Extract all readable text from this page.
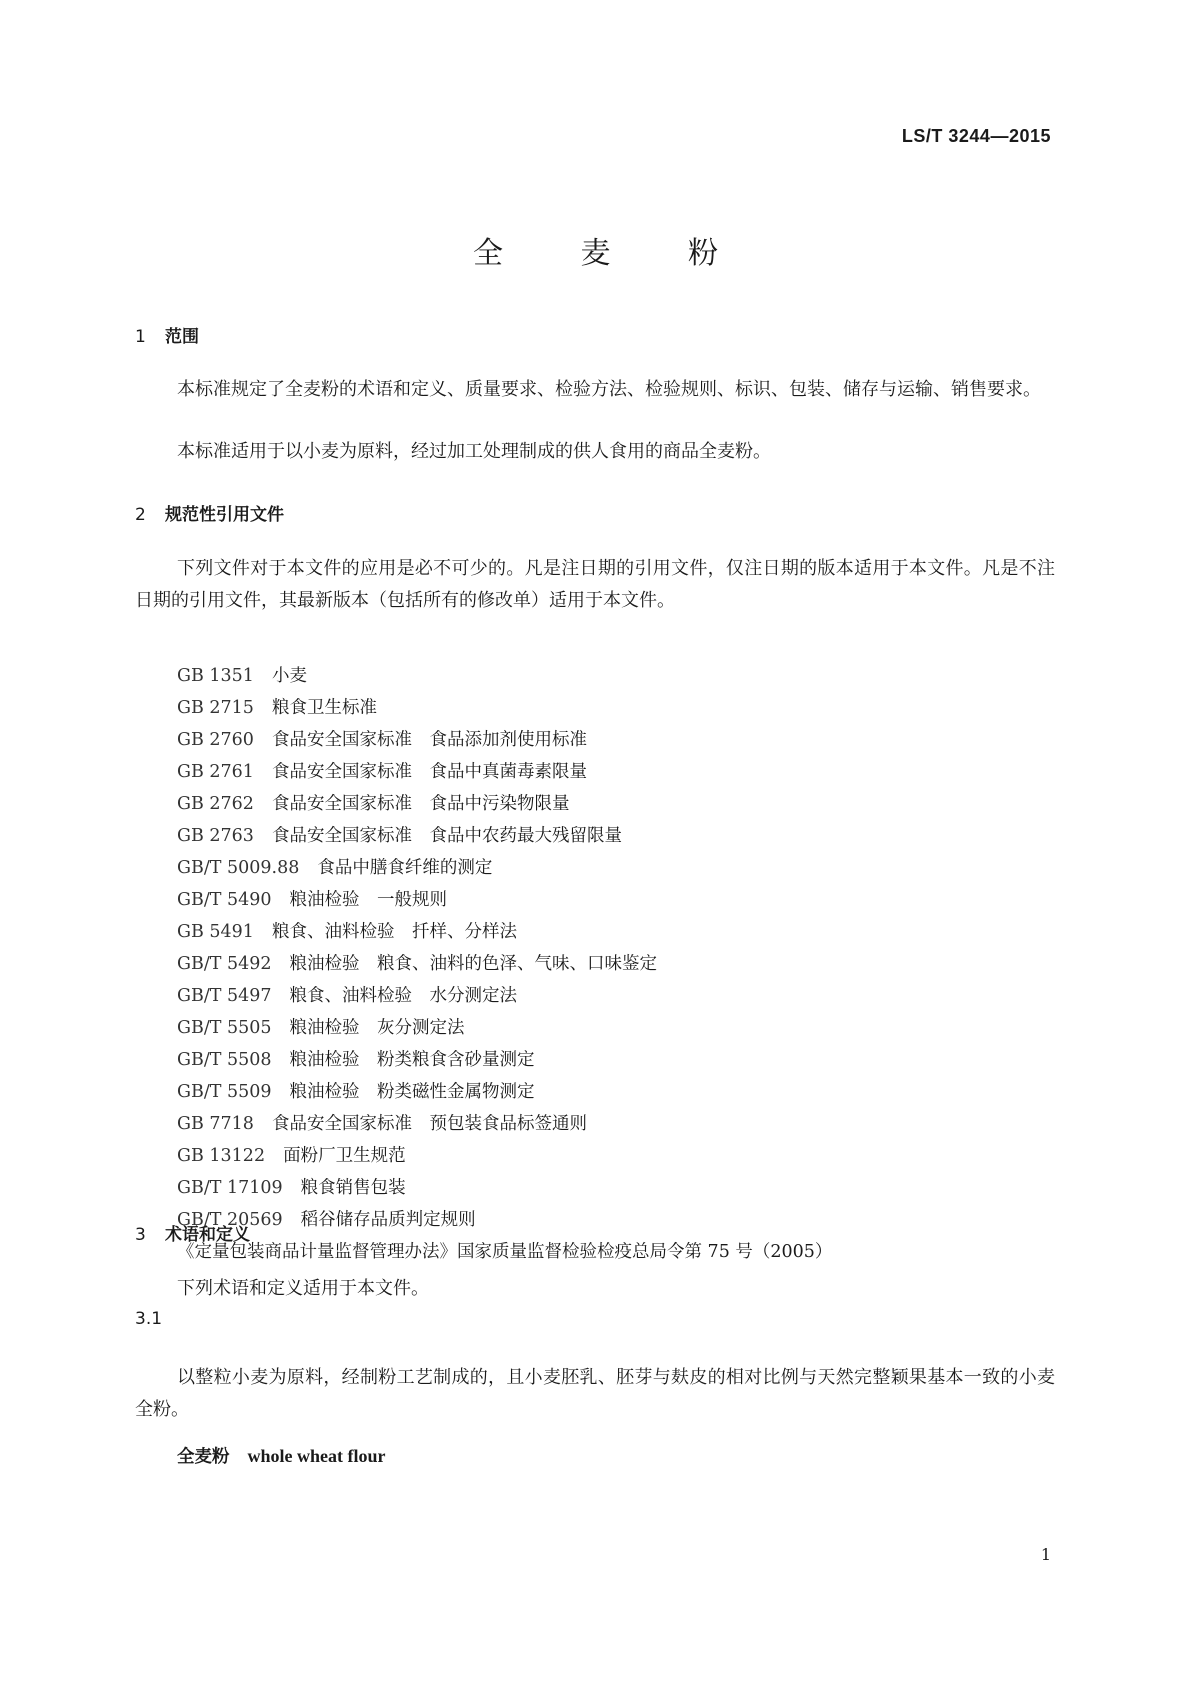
LS/T 3244—2015
全 麦 粉
1 范围

本标准规定了全麦粉的术语和定义、质量要求、检验方法、检验规则、标识、包装、储存与运输、销售要求。

本标准适用于以小麦为原料，经过加工处理制成的供人食用的商品全麦粉。

2 规范性引用文件

下列文件对于本文件的应用是必不可少的。凡是注日期的引用文件，仅注日期的版本适用于本文件。凡是不注日期的引用文件，其最新版本（包括所有的修改单）适用于本文件。

GB 1351 小麦
GB 2715 粮食卫生标准
GB 2760 食品安全国家标准　食品添加剂使用标准
GB 2761 食品安全国家标准　食品中真菌毒素限量
GB 2762 食品安全国家标准　食品中污染物限量
GB 2763 食品安全国家标准　食品中农药最大残留限量
GB/T 5009.88 食品中膳食纤维的测定
GB/T 5490 粮油检验　一般规则
GB 5491 粮食、油料检验　扦样、分样法
GB/T 5492 粮油检验　粮食、油料的色泽、气味、口味鉴定
GB/T 5497 粮食、油料检验　水分测定法
GB/T 5505 粮油检验　灰分测定法
GB/T 5508 粮油检验　粉类粮食含砂量测定
GB/T 5509 粮油检验　粉类磁性金属物测定
GB 7718 食品安全国家标准　预包装食品标签通则
GB 13122 面粉厂卫生规范
GB/T 17109 粮食销售包装
GB/T 20569 稻谷储存品质判定规则
《定量包装商品计量监督管理办法》国家质量监督检验检疫总局令第 75 号（2005）
3 术语和定义

下列术语和定义适用于本文件。

3.1
全麦粉 whole wheat flour

以整粒小麦为原料，经制粉工艺制成的，且小麦胚乳、胚芽与麸皮的相对比例与天然完整颖果基本一致的小麦全粉。

1
